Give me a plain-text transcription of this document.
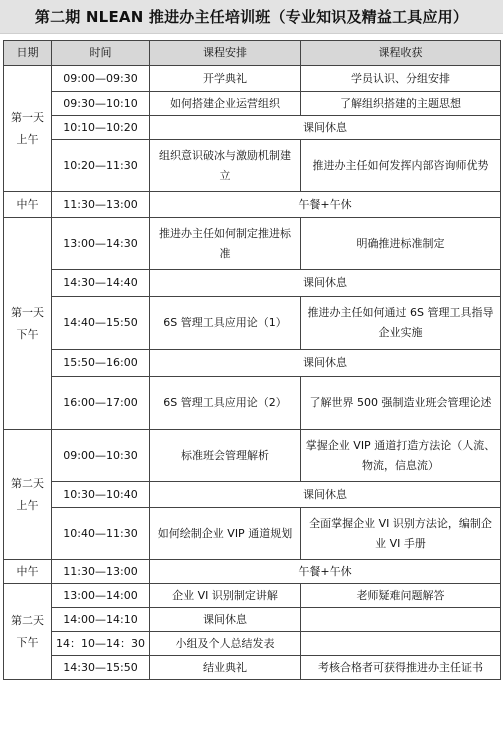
第二期 NLEAN 推进办主任培训班（专业知识及精益工具应用）
日期	时间	课程安排	课程收获
第一天
上午	09:00—09:30	开学典礼	学员认识、分组安排
	09:30—10:10	如何搭建企业运营组织	了解组织搭建的主题思想
	10:10—10:20	课间休息	
	10:20—11:30	组织意识破冰与激励机制建立	推进办主任如何发挥内部咨询师优势
中午	11:30—13:00	午餐+午休	
第一天
下午	13:00—14:30	推进办主任如何制定推进标准	明确推进标准制定
	14:30—14:40	课间休息	
	14:40—15:50	6S 管理工具应用论（1）	推进办主任如何通过 6S 管理工具指导企业实施
	15:50—16:00	课间休息	
	16:00—17:00	6S 管理工具应用论（2）	了解世界 500 强制造业班会管理论述
第二天
上午	09:00—10:30	标准班会管理解析	掌握企业 VIP 通道打造方法论（人流、物流，信息流）
	10:30—10:40	课间休息	
	10:40—11:30	如何绘制企业 VIP 通道规划	全面掌握企业 VI 识别方法论，编制企业 VI 手册
中午	11:30—13:00	午餐+午休	
第二天
下午	13:00—14:00	企业 VI 识别制定讲解	老师疑难问题解答
	14:00—14:10	课间休息	
	14：10—14：30	小组及个人总结发表	
	14:30—15:50	结业典礼	考核合格者可获得推进办主任证书
